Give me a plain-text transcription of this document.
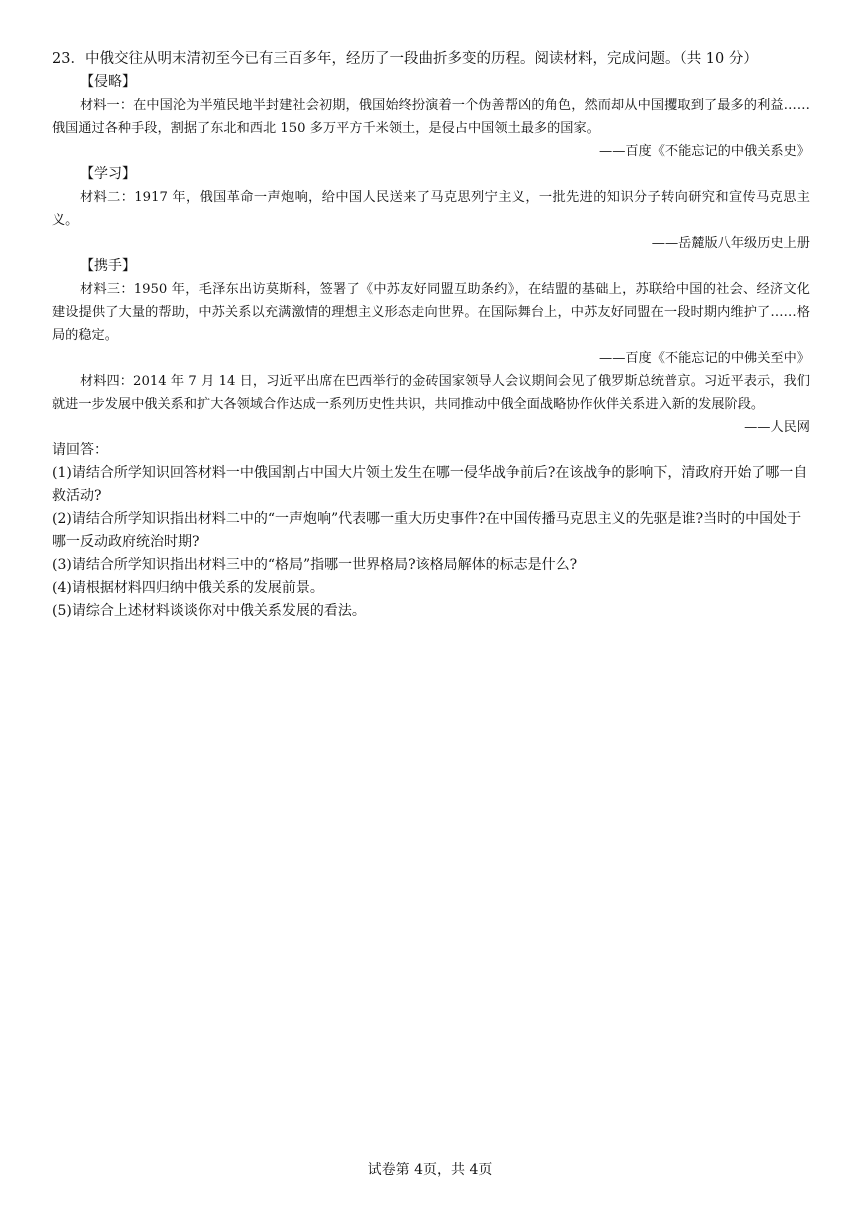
23．中俄交往从明末清初至今已有三百多年，经历了一段曲折多变的历程。阅读材料，完成问题。（共 10 分）
【侵略】
材料一：在中国沦为半殖民地半封建社会初期，俄国始终扮演着一个伪善帮凶的角色，然而却从中国攫取到了最多的利益……俄国通过各种手段，割据了东北和西北 150 多万平方千米领土，是侵占中国领土最多的国家。
——百度《不能忘记的中俄关系史》
【学习】
材料二：1917 年，俄国革命一声炮响，给中国人民送来了马克思列宁主义，一批先进的知识分子转向研究和宣传马克思主义。
——岳麓版八年级历史上册
【携手】
材料三：1950 年，毛泽东出访莫斯科，签署了《中苏友好同盟互助条约》，在结盟的基础上，苏联给中国的社会、经济文化建设提供了大量的帮助，中苏关系以充满激情的理想主义形态走向世界。在国际舞台上，中苏友好同盟在一段时期内维护了……格局的稳定。
——百度《不能忘记的中佛关至中》
材料四：2014 年 7 月 14 日，习近平出席在巴西举行的金砖国家领导人会议期间会见了俄罗斯总统普京。习近平表示，我们就进一步发展中俄关系和扩大各领域合作达成一系列历史性共识，共同推动中俄全面战略协作伙伴关系进入新的发展阶段。
——人民网
请回答：
(1)请结合所学知识回答材料一中俄国割占中国大片领土发生在哪一侵华战争前后?在该战争的影响下，清政府开始了哪一自救活动?
(2)请结合所学知识指出材料二中的“一声炮响”代表哪一重大历史事件?在中国传播马克思主义的先驱是谁?当时的中国处于哪一反动政府统治时期?
(3)请结合所学知识指出材料三中的“格局”指哪一世界格局?该格局解体的标志是什么?
(4)请根据材料四归纳中俄关系的发展前景。
(5)请综合上述材料谈谈你对中俄关系发展的看法。
试卷第 4页，共 4页
